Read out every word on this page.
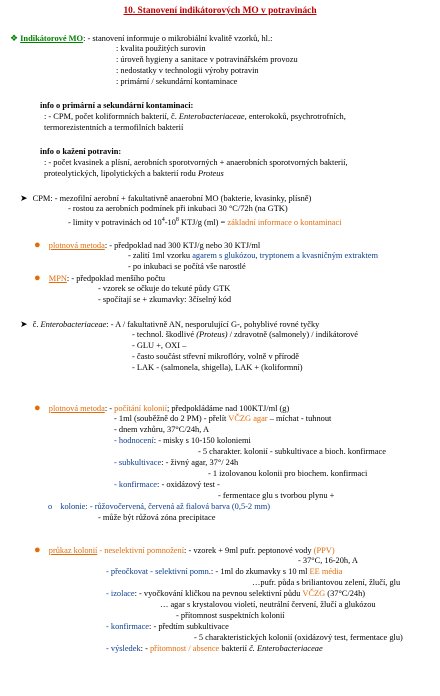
10. Stanovení indikátorových MO v potravinách
❖ Indikátorové MO: - stanovení informuje o mikrobiální kvalitě vzorků, hl.:
: kvalita použitých surovin
: úroveň hygieny a sanitace v potravinářském provozu
: nedostatky v technologii výroby potravin
: primární / sekundární kontaminace
info o primární a sekundární kontaminaci:
: - CPM, počet koliformních bakterií, č. Enterobacteriaceae, enterokoků, psychrotrofních,
termorezistentních a termofilních bakterií
info o kažení potravin:
: - počet kvasinek a plísní, aerobních sporotvorných + anaerobních sporotvorných bakterií,
proteolytických, lipolytických a bakterií rodu Proteus
➤ CPM: - mezofilní aerobní + fakultativně anaerobní MO (bakterie, kvasinky, plísně)
- rostou za aerobních podmínek při inkubaci 30 °C/72h (na GTK)
- limity v potravinách od $10^4-10^8$ KTJ/g (ml) = základní informace o kontaminaci
● plotnová metoda: - předpoklad nad 300 KTJ/g nebo 30 KTJ/ml
- zalití 1ml vzorku agarem s glukózou, tryptonem a kvasničným extraktem
- po inkubaci se počítá vše narostlé
● MPN: - předpoklad menšího počtu
- vzorek se očkuje do tekuté půdy GTK
- spočítají se + zkumavky: 3číselný kód
➤ č. Enterobacteriaceae: - A / fakultativně AN, nesporulující G-, pohyblivé rovné tyčky
- technol. škodlivé (Proteus) / zdravotně (salmonely) / indikátorové
- GLU +, OXI –
- často součást střevní mikroflóry, volně v přírodě
- LAK - (salmonela, shigella), LAK + (koliformní)
● plotnová metoda: - počítání kolonií; předpokládáme nad 100KTJ/ml (g)
- 1ml (souběžně do 2 PM) - přelít VČZG agar – míchat - tuhnout
- dnem vzhůru, 37°C/24h, A
- hodnocení: - misky s 10-150 koloniemi
- 5 charakter. kolonií - subkultivace a bioch. konfirmace
- subkultivace: - živný agar, 37°/ 24h
- 1 izolovanou kolonii pro biochem. konfirmaci
- konfirmace: - oxidázový test -
- fermentace glu s tvorbou plynu +
o kolonie: - růžovočervená, červená až fialová barva (0,5-2 mm)
- může být růžová zóna precipitace
● průkaz kolonií - neselektivní pomnožení: - vzorek + 9ml pufr. peptonové vody (PPV)
- 37°C, 16-20h, A
- přeočkovat - selektivní pomn.: - 1ml do zkumavky s 10 ml EE média
…pufr. půda s briliantovou zelení, žlučí, glu
- izolace: - vyočkování kličkou na pevnou selektivní půdu VČZG (37°C/24h)
… agar s krystalovou violetí, neutrální červení, žlučí a glukózou
- přítomnost suspektních kolonií
- konfirmace: - předtím subkultivace
- 5 charakteristických kolonií (oxidázový test, fermentace glu)
- výsledek: - přítomnost / absence bakterií č. Enterobacteriaceae
